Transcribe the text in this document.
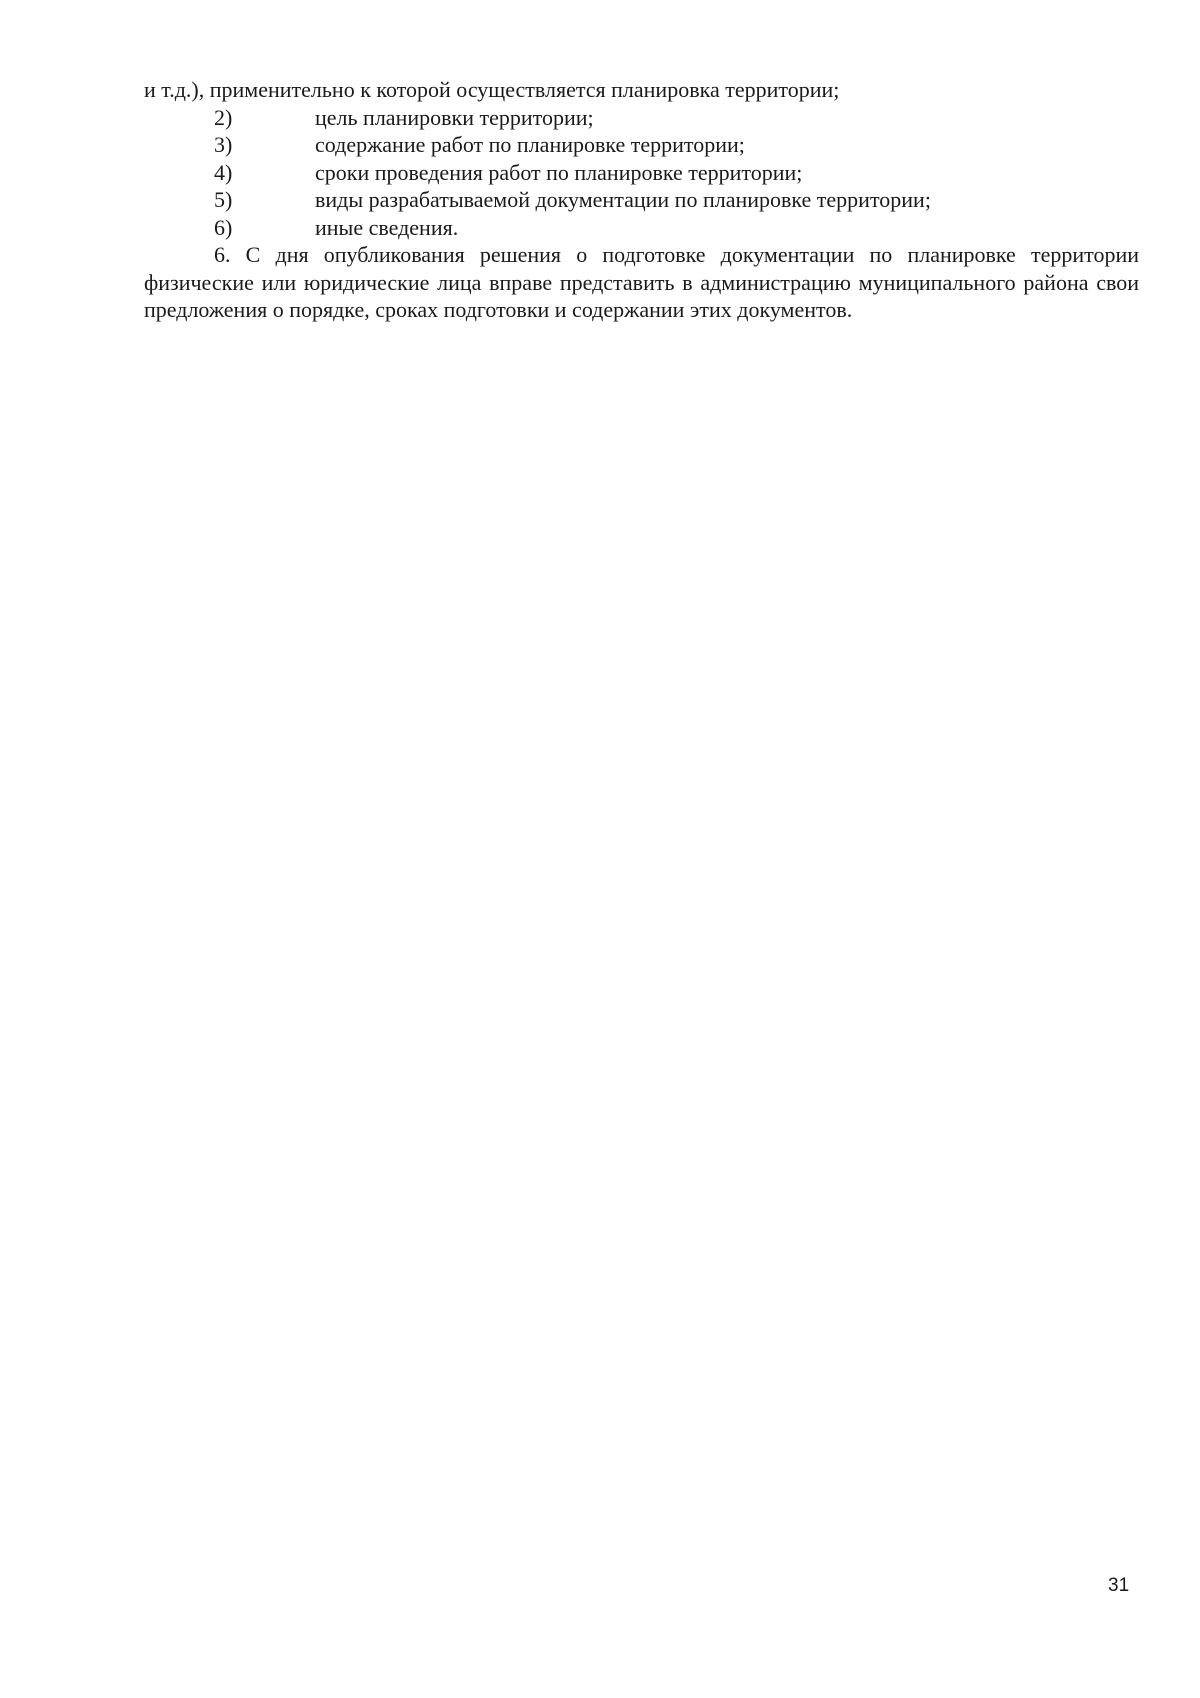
и т.д.), применительно к которой осуществляется планировка территории;

2)	цель планировки территории;
3)	содержание работ по планировке территории;
4)	сроки проведения работ по планировке территории;
5)	виды разрабатываемой документации по планировке территории;
6)	иные сведения.

6. С дня опубликования решения о подготовке документации по планировке территории физические или юридические лица вправе представить в администрацию муниципального района свои предложения о порядке, сроках подготовки и содержании этих документов.

31
